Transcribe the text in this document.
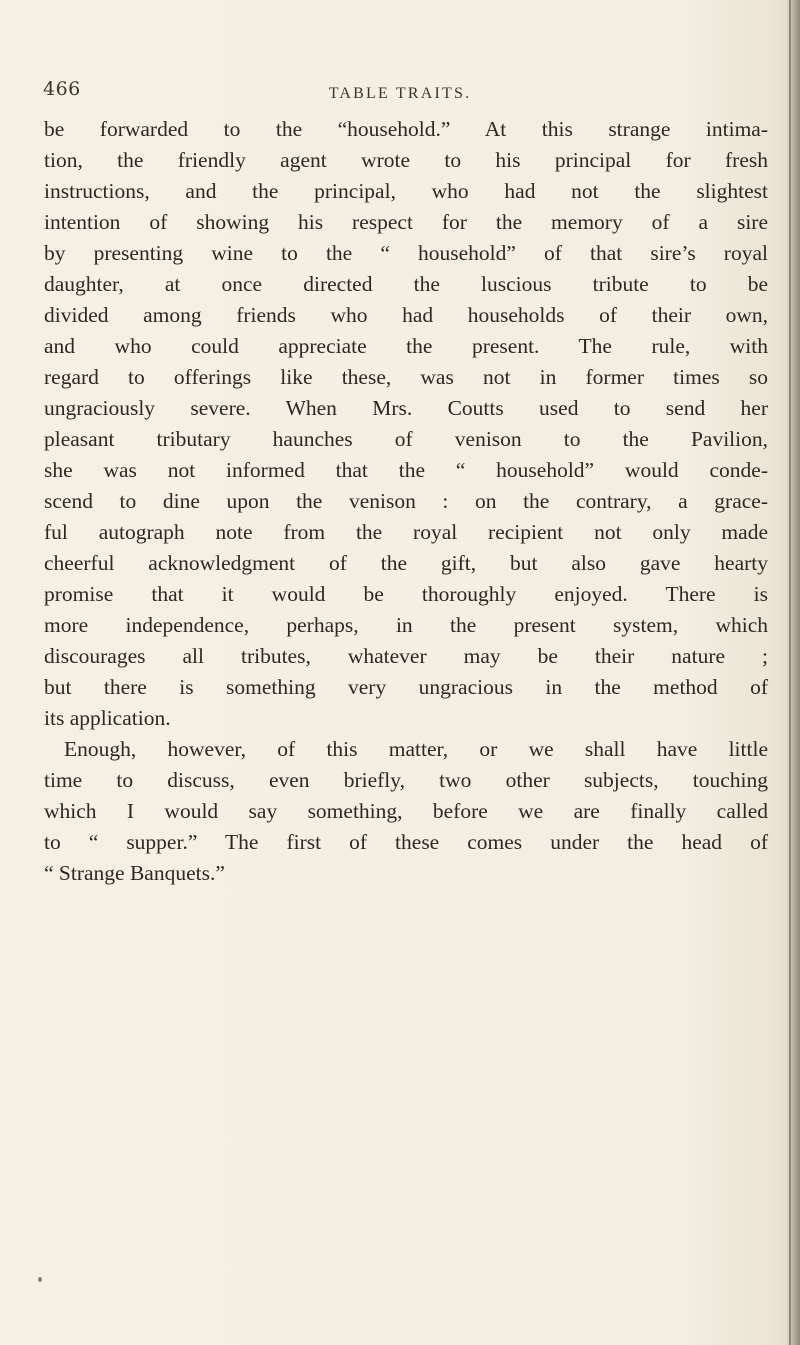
466	TABLE TRAITS.
be forwarded to the “household.” At this strange intima-
tion, the friendly agent wrote to his principal for fresh
instructions, and the principal, who had not the slightest
intention of showing his respect for the memory of a sire
by presenting wine to the “ household” of that sire’s royal
daughter, at once directed the luscious tribute to be
divided among friends who had households of their own,
and who could appreciate the present. The rule, with
regard to offerings like these, was not in former times so
ungraciously severe. When Mrs. Coutts used to send her
pleasant tributary haunches of venison to the Pavilion,
she was not informed that the “ household” would conde-
scend to dine upon the venison : on the contrary, a grace-
ful autograph note from the royal recipient not only made
cheerful acknowledgment of the gift, but also gave hearty
promise that it would be thoroughly enjoyed. There is
more independence, perhaps, in the present system, which
discourages all tributes, whatever may be their nature ;
but there is something very ungracious in the method of
its application.
Enough, however, of this matter, or we shall have little
time to discuss, even briefly, two other subjects, touching
which I would say something, before we are finally called
to “ supper.” The first of these comes under the head of
“ Strange Banquets.”
